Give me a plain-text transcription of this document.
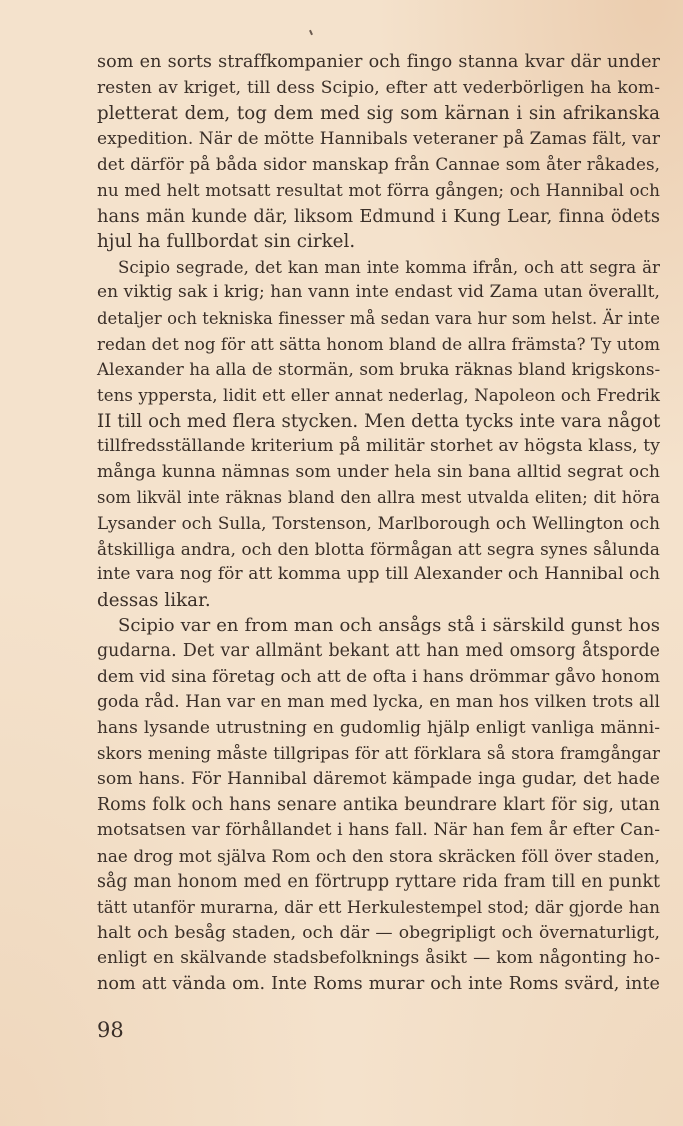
som en sorts straffkompanier och fingo stanna kvar där under
resten av kriget, till dess Scipio, efter att vederbörligen ha kom-
pletterat dem, tog dem med sig som kärnan i sin afrikanska
expedition. När de mötte Hannibals veteraner på Zamas fält, var
det därför på båda sidor manskap från Cannae som åter råkades,
nu med helt motsatt resultat mot förra gången; och Hannibal och
hans män kunde där, liksom Edmund i Kung Lear, finna ödets
hjul ha fullbordat sin cirkel.
Scipio segrade, det kan man inte komma ifrån, och att segra är
en viktig sak i krig; han vann inte endast vid Zama utan överallt,
detaljer och tekniska finesser må sedan vara hur som helst. Är inte
redan det nog för att sätta honom bland de allra främsta? Ty utom
Alexander ha alla de stormän, som bruka räknas bland krigskons-
tens yppersta, lidit ett eller annat nederlag, Napoleon och Fredrik
II till och med flera stycken. Men detta tycks inte vara något
tillfredsställande kriterium på militär storhet av högsta klass, ty
många kunna nämnas som under hela sin bana alltid segrat och
som likväl inte räknas bland den allra mest utvalda eliten; dit höra
Lysander och Sulla, Torstenson, Marlborough och Wellington och
åtskilliga andra, och den blotta förmågan att segra synes sålunda
inte vara nog för att komma upp till Alexander och Hannibal och
dessas likar.
Scipio var en from man och ansågs stå i särskild gunst hos
gudarna. Det var allmänt bekant att han med omsorg åtsporde
dem vid sina företag och att de ofta i hans drömmar gåvo honom
goda råd. Han var en man med lycka, en man hos vilken trots all
hans lysande utrustning en gudomlig hjälp enligt vanliga männi-
skors mening måste tillgripas för att förklara så stora framgångar
som hans. För Hannibal däremot kämpade inga gudar, det hade
Roms folk och hans senare antika beundrare klart för sig, utan
motsatsen var förhållandet i hans fall. När han fem år efter Can-
nae drog mot själva Rom och den stora skräcken föll över staden,
såg man honom med en förtrupp ryttare rida fram till en punkt
tätt utanför murarna, där ett Herkulestempel stod; där gjorde han
halt och besåg staden, och där — obegripligt och övernaturligt,
enligt en skälvande stadsbefolknings åsikt — kom någonting ho-
nom att vända om. Inte Roms murar och inte Roms svärd, inte
98
